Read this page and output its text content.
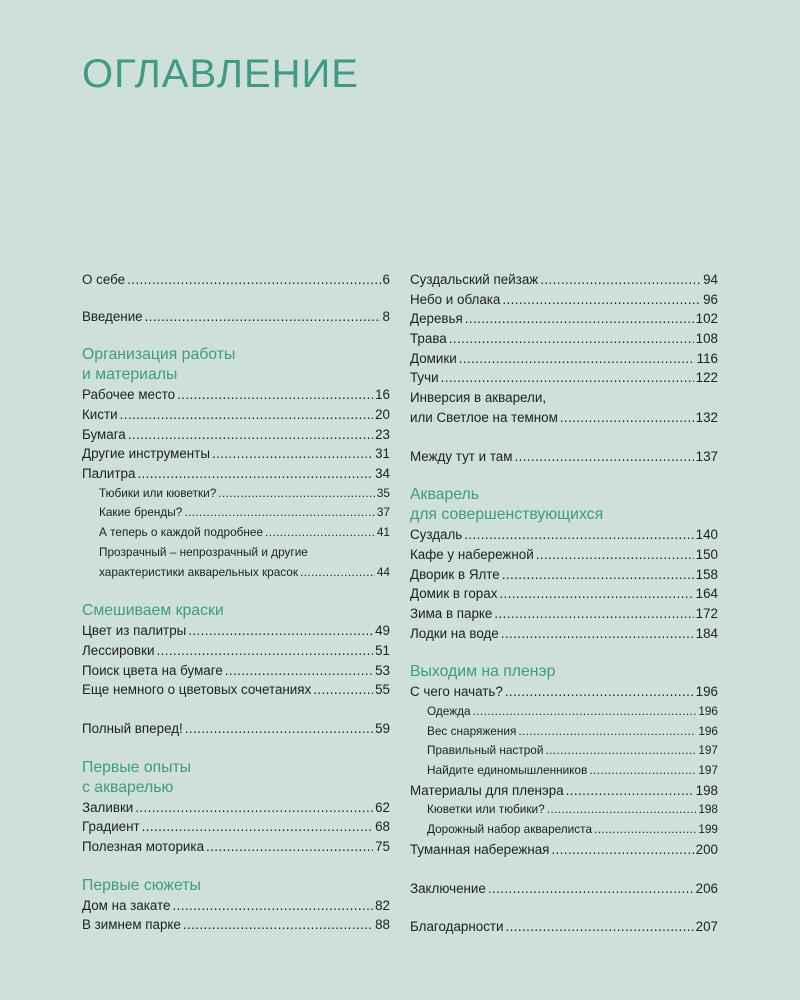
ОГЛАВЛЕНИЕ
О себе .....	6
Введение .....	8
Организация работы
и материалы
Рабочее место .....	16
Кисти .....	20
Бумага .....	23
Другие инструменты .....	31
Палитра .....	34
Тюбики или кюветки? .....	35
Какие бренды? .....	37
А теперь о каждой подробнее .....	41
Прозрачный – непрозрачный и другие
характеристики акварельных красок .....	44
Смешиваем краски
Цвет из палитры .....	49
Лессировки .....	51
Поиск цвета на бумаге .....	53
Еще немного о цветовых сочетаниях .....	55
Полный вперед! .....	59
Первые опыты
с акварелью
Заливки .....	62
Градиент .....	68
Полезная моторика .....	75
Первые сюжеты
Дом на закате .....	82
В зимнем парке .....	88
Суздальский пейзаж .....	94
Небо и облака .....	96
Деревья .....	102
Трава .....	108
Домики .....	116
Тучи .....	122
Инверсия в акварели,
или Светлое на темном .....	132
Между тут и там .....	137
Акварель
для совершенствующихся
Суздаль .....	140
Кафе у набережной .....	150
Дворик в Ялте .....	158
Домик в горах .....	164
Зима в парке .....	172
Лодки на воде .....	184
Выходим на пленэр
С чего начать? .....	196
Одежда .....	196
Вес снаряжения .....	196
Правильный настрой .....	197
Найдите единомышленников .....	197
Материалы для пленэра .....	198
Кюветки или тюбики? .....	198
Дорожный набор акварелиста .....	199
Туманная набережная .....	200
Заключение .....	206
Благодарности .....	207
